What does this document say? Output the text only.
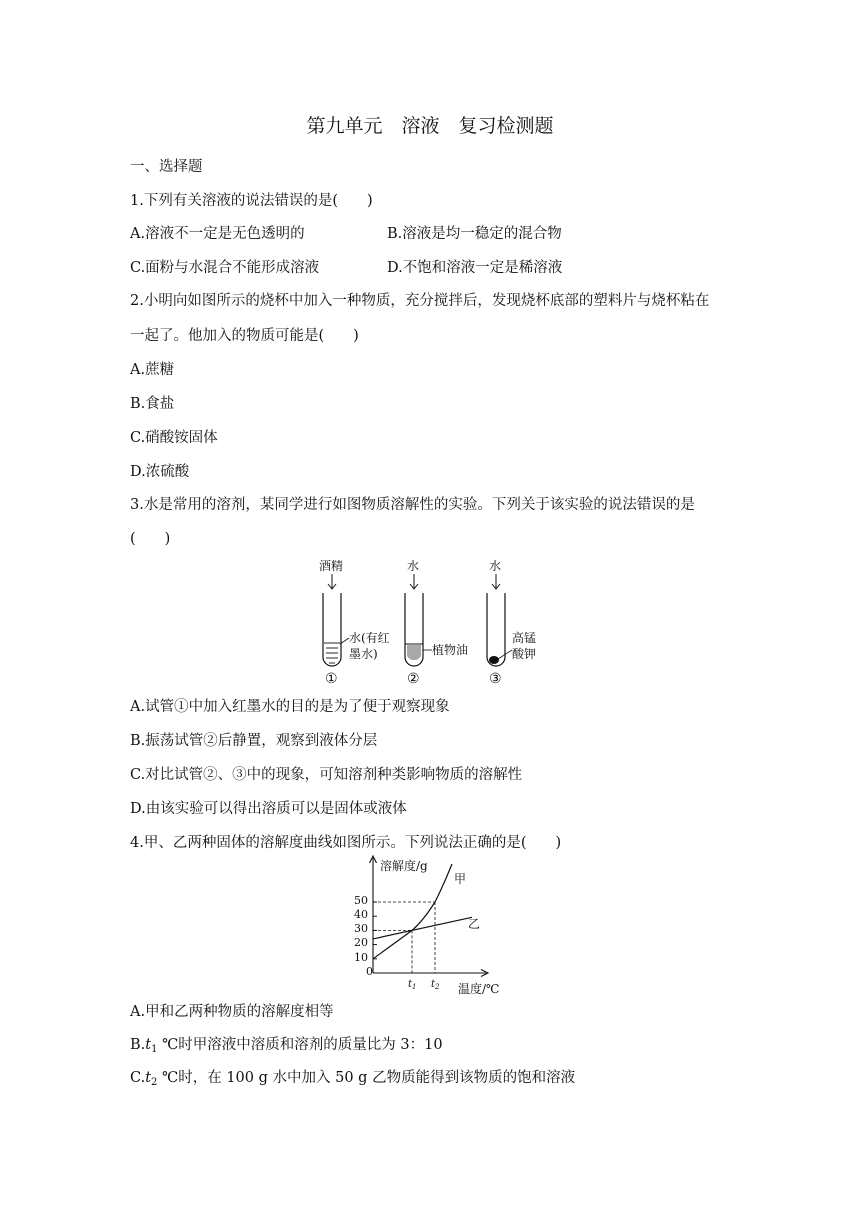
第九单元　溶液　复习检测题
一、选择题
1.下列有关溶液的说法错误的是(　　)
A.溶液不一定是无色透明的	B.溶液是均一稳定的混合物
C.面粉与水混合不能形成溶液	D.不饱和溶液一定是稀溶液
2.小明向如图所示的烧杯中加入一种物质，充分搅拌后，发现烧杯底部的塑料片与烧杯粘在
一起了。他加入的物质可能是(　　)
A.蔗糖
B.食盐
C.硝酸铵固体
D.浓硫酸
3.水是常用的溶剂，某同学进行如图物质溶解性的实验。下列关于该实验的说法错误的是
(　　)
酒精
水(有红
墨水)
①
水
植物油
②
水
高锰
酸钾
③
A.试管①中加入红墨水的目的是为了便于观察现象
B.振荡试管②后静置，观察到液体分层
C.对比试管②、③中的现象，可知溶剂种类影响物质的溶解性
D.由该实验可以得出溶质可以是固体或液体
4.甲、乙两种固体的溶解度曲线如图所示。下列说法正确的是(　　)
溶解度/g
温度/℃
0
10
20
30
40
50
$t_1$ $t_2$
甲
乙
A.甲和乙两种物质的溶解度相等
$B.t_1$ ℃时甲溶液中溶质和溶剂的质量比为 3：10
$C.t_2$ ℃时，在 100 g 水中加入 50 g 乙物质能得到该物质的饱和溶液
